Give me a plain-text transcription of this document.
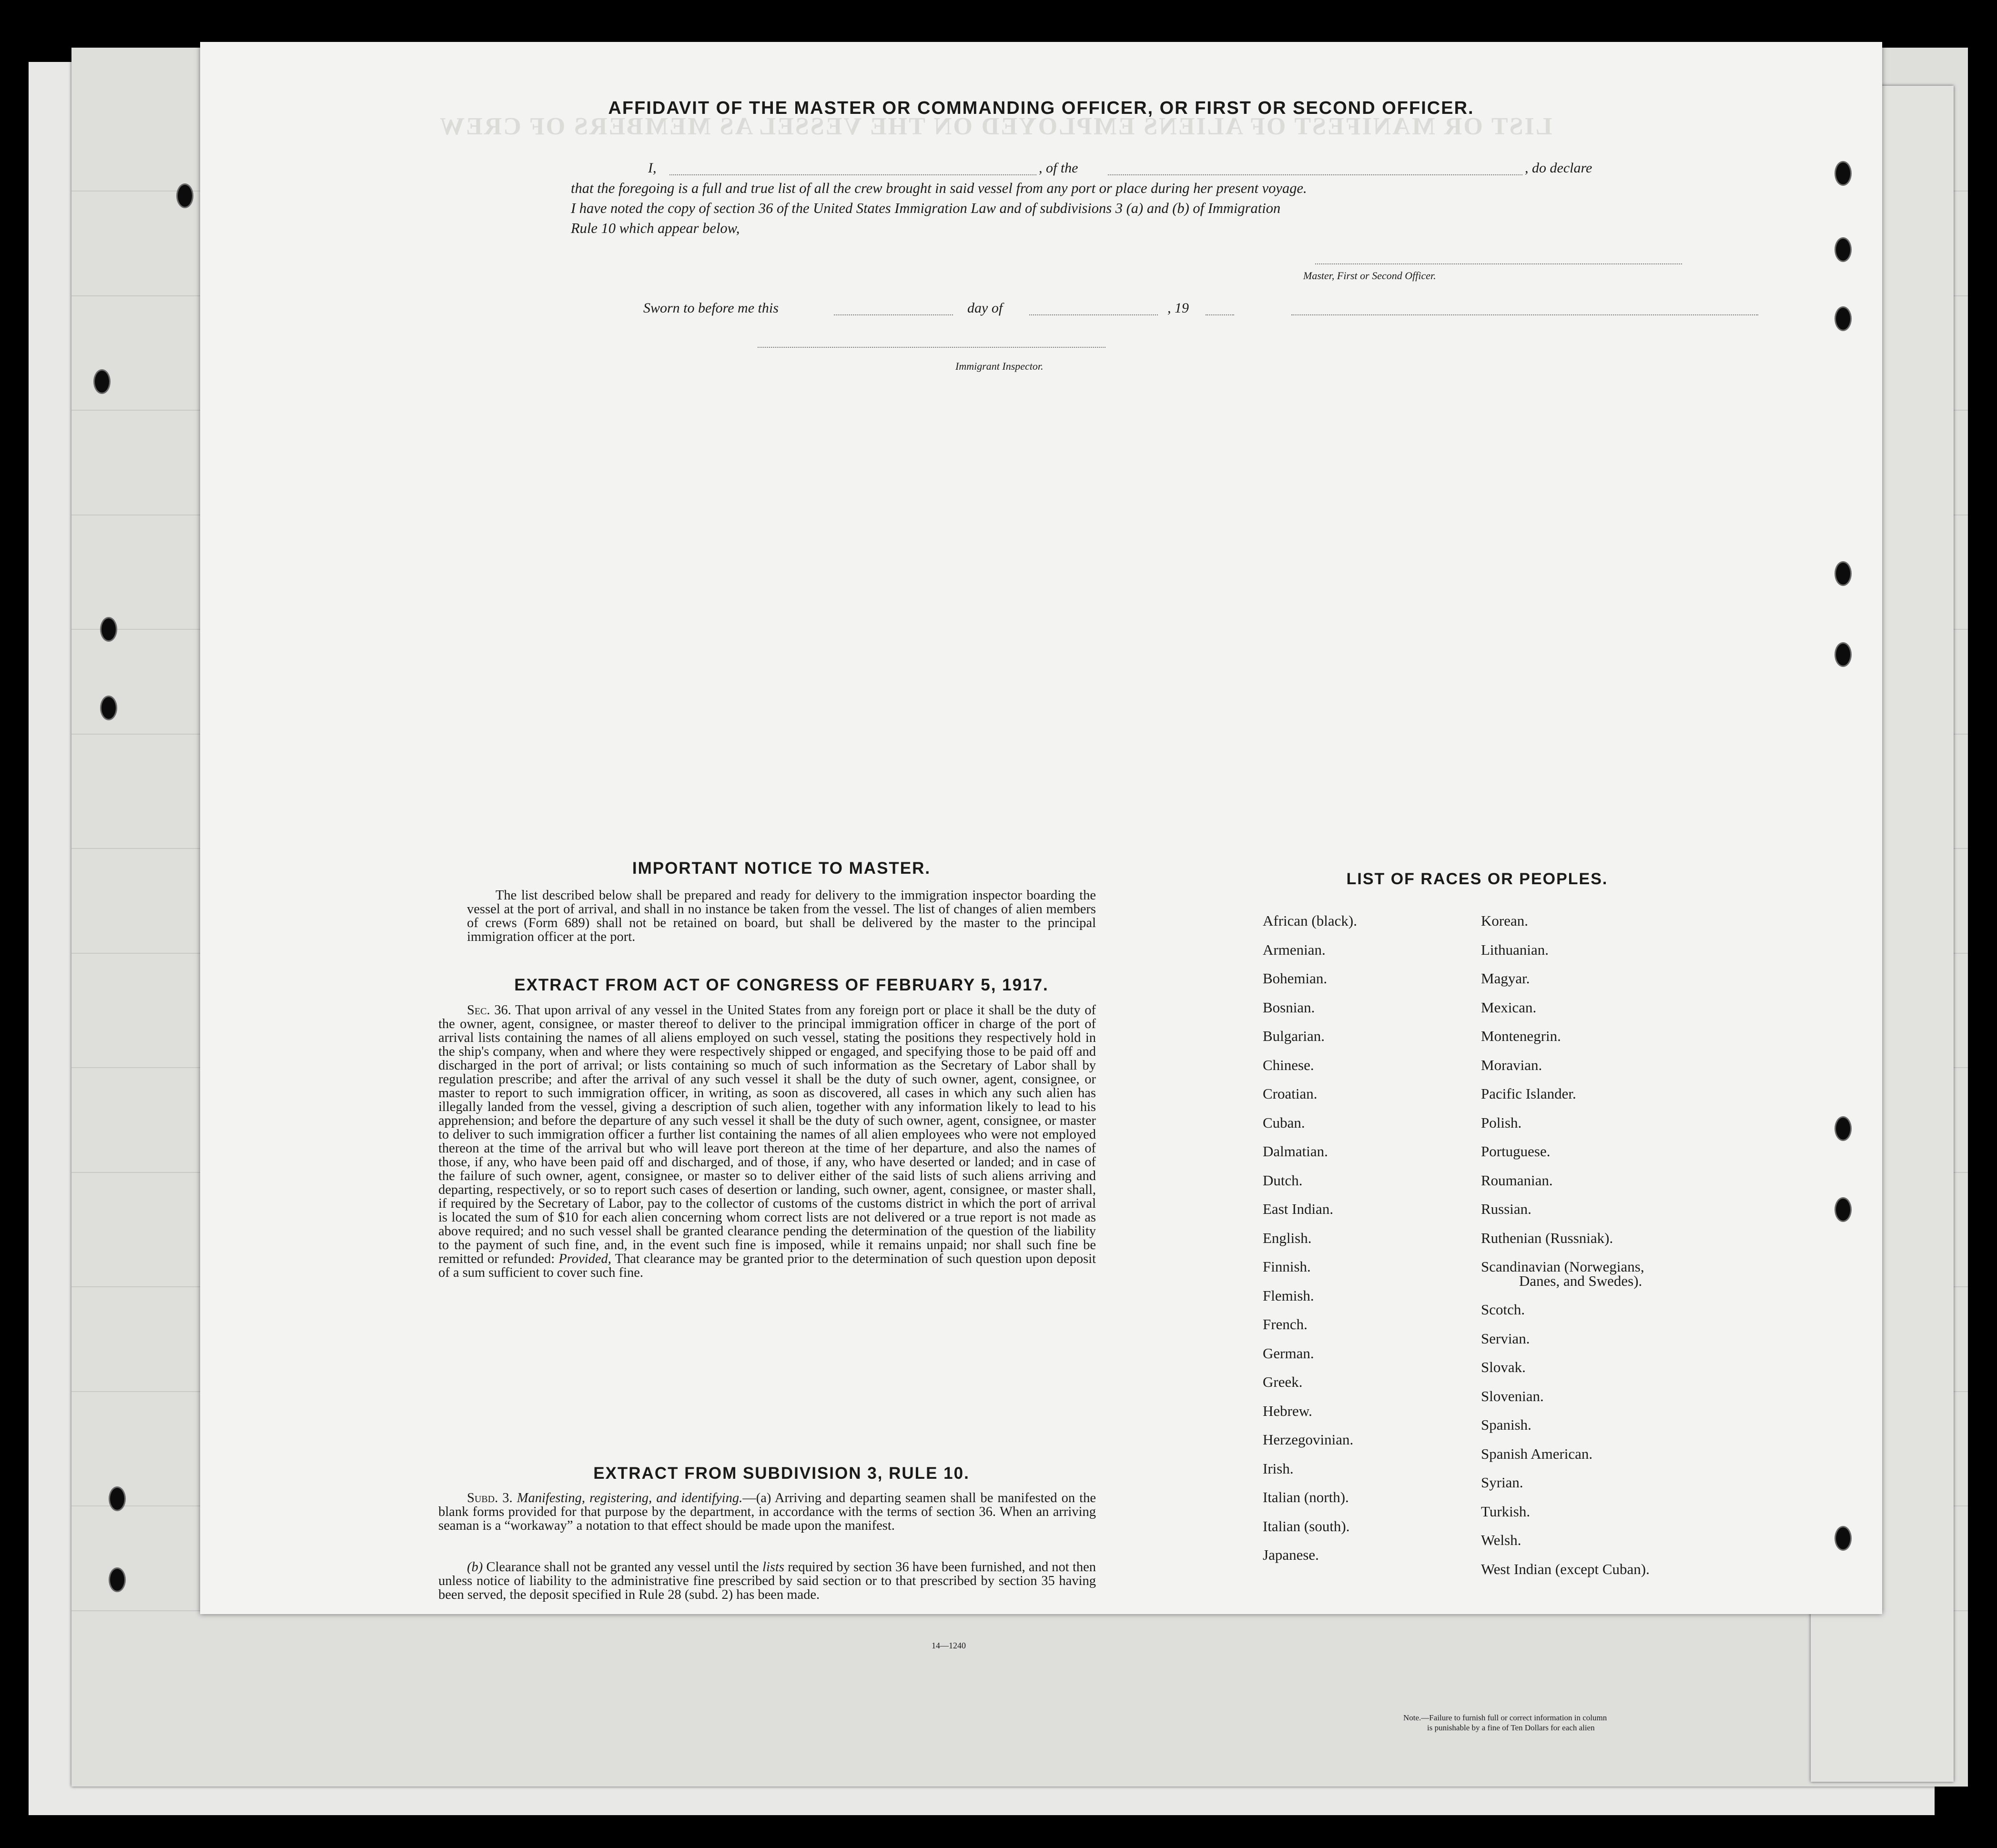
LIST OR MANIFEST OF ALIENS EMPLOYED ON THE VESSEL AS MEMBERS OF CREW
AFFIDAVIT OF THE MASTER OR COMMANDING OFFICER, OR FIRST OR SECOND OFFICER.
I,	, of the	, do declare
that the foregoing is a full and true list of all the crew brought in said vessel from any port or place during her present voyage.
I have noted the copy of section 36 of the United States Immigration Law and of subdivisions 3 (a) and (b) of Immigration
Rule 10 which appear below,
Master, First or Second Officer.
Sworn to before me this	day of	, 19
Immigrant Inspector.
IMPORTANT NOTICE TO MASTER.
The list described below shall be prepared and ready for delivery to the immigration inspector boarding the vessel at the port of arrival, and shall in no instance be taken from the vessel. The list of changes of alien members of crews (Form 689) shall not be retained on board, but shall be delivered by the master to the principal immigration officer at the port.
EXTRACT FROM ACT OF CONGRESS OF FEBRUARY 5, 1917.
Sec. 36. That upon arrival of any vessel in the United States from any foreign port or place it shall be the duty of the owner, agent, consignee, or master thereof to deliver to the principal immigration officer in charge of the port of arrival lists containing the names of all aliens employed on such vessel, stating the positions they respectively hold in the ship's company, when and where they were respectively shipped or engaged, and specifying those to be paid off and discharged in the port of arrival; or lists containing so much of such information as the Secretary of Labor shall by regulation prescribe; and after the arrival of any such vessel it shall be the duty of such owner, agent, consignee, or master to report to such immigration officer, in writing, as soon as discovered, all cases in which any such alien has illegally landed from the vessel, giving a description of such alien, together with any information likely to lead to his apprehension; and before the departure of any such vessel it shall be the duty of such owner, agent, consignee, or master to deliver to such immigration officer a further list containing the names of all alien employees who were not employed thereon at the time of the arrival but who will leave port thereon at the time of her departure, and also the names of those, if any, who have been paid off and discharged, and of those, if any, who have deserted or landed; and in case of the failure of such owner, agent, consignee, or master so to deliver either of the said lists of such aliens arriving and departing, respectively, or so to report such cases of desertion or landing, such owner, agent, consignee, or master shall, if required by the Secretary of Labor, pay to the collector of customs of the customs district in which the port of arrival is located the sum of $10 for each alien concerning whom correct lists are not delivered or a true report is not made as above required; and no such vessel shall be granted clearance pending the determination of the question of the liability to the payment of such fine, and, in the event such fine is imposed, while it remains unpaid; nor shall such fine be remitted or refunded: Provided, That clearance may be granted prior to the determination of such question upon deposit of a sum sufficient to cover such fine.
EXTRACT FROM SUBDIVISION 3, RULE 10.
Subd. 3. Manifesting, registering, and identifying.—(a) Arriving and departing seamen shall be manifested on the blank forms provided for that purpose by the department, in accordance with the terms of section 36. When an arriving seaman is a “workaway” a notation to that effect should be made upon the manifest.
(b) Clearance shall not be granted any vessel until the lists required by section 36 have been furnished, and not then unless notice of liability to the administrative fine prescribed by said section or to that prescribed by section 35 having been served, the deposit specified in Rule 28 (subd. 2) has been made.
14—1240
LIST OF RACES OR PEOPLES.
African (black).
Armenian.
Bohemian.
Bosnian.
Bulgarian.
Chinese.
Croatian.
Cuban.
Dalmatian.
Dutch.
East Indian.
English.
Finnish.
Flemish.
French.
German.
Greek.
Hebrew.
Herzegovinian.
Irish.
Italian (north).
Italian (south).
Japanese.
Korean.
Lithuanian.
Magyar.
Mexican.
Montenegrin.
Moravian.
Pacific Islander.
Polish.
Portuguese.
Roumanian.
Russian.
Ruthenian (Russniak).
Scandinavian (Norwegians,
Danes, and Swedes).
Scotch.
Servian.
Slovak.
Slovenian.
Spanish.
Spanish American.
Syrian.
Turkish.
Welsh.
West Indian (except Cuban).
Note.—Failure to furnish full or correct information in column
is punishable by a fine of Ten Dollars for each alien
